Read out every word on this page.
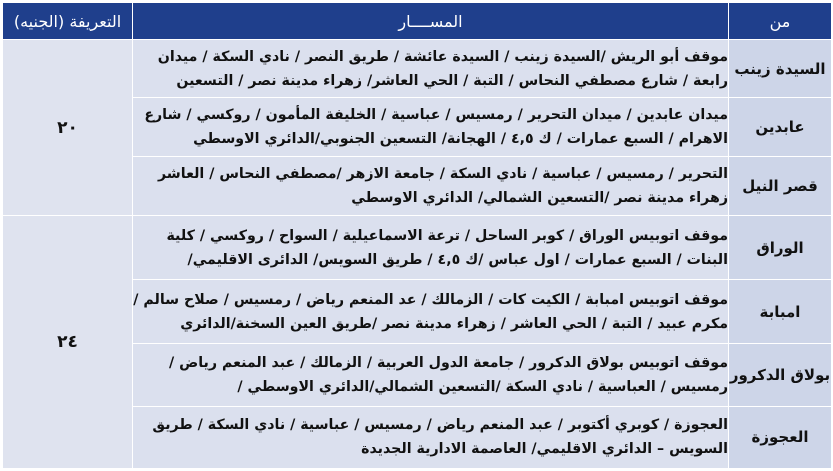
من	المســــار	التعريفة (الجنيه)
السيدة زينب	موقف أبو الريش /السيدة زينب / السيدة عائشة / طريق النصر / نادي السكة / ميدان رابعة / شارع مصطفي النحاس / التبة / الحي العاشر/ زهراء مدينة نصر / التسعين	٢٠
عابدين	ميدان عابدين / ميدان التحرير / رمسيس / عباسية / الخليفة المأمون / روكسي / شارع الاهرام / السبع عمارات / ك ٤,٥ / الهجانة/ التسعين الجنوبي/الدائري الاوسطي	
قصر النيل	التحرير / رمسيس / عباسية / نادي السكة / جامعة الازهر /مصطفي النحاس / العاشر زهراء مدينة نصر /التسعين الشمالي/ الدائري الاوسطي	
الوراق	موقف اتوبيس الوراق / كوبر الساحل / ترعة الاسماعيلية / السواح / روكسي / كلية البنات / السبع عمارات / اول عباس /ك ٤,٥ / طريق السويس/ الدائرى الاقليمي/	٢٤
امبابة	موقف اتوبيس امبابة / الكيت كات / الزمالك / عد المنعم رياض / رمسيس / صلاح سالم /مكرم عبيد / التبة / الحي العاشر / زهراء مدينة نصر /طريق العين السخنة/الدائري	
بولاق الدكرور	موقف اتوبيس بولاق الدكرور / جامعة الدول العربية / الزمالك / عبد المنعم رياض / رمسيس / العباسية / نادي السكة /التسعين الشمالي/الدائري الاوسطي /	
العجوزة	العجوزة / كوبري أكتوبر / عبد المنعم رياض / رمسيس / عباسية / نادي السكة / طريق السويس – الدائري الاقليمي/ العاصمة الادارية الجديدة	
